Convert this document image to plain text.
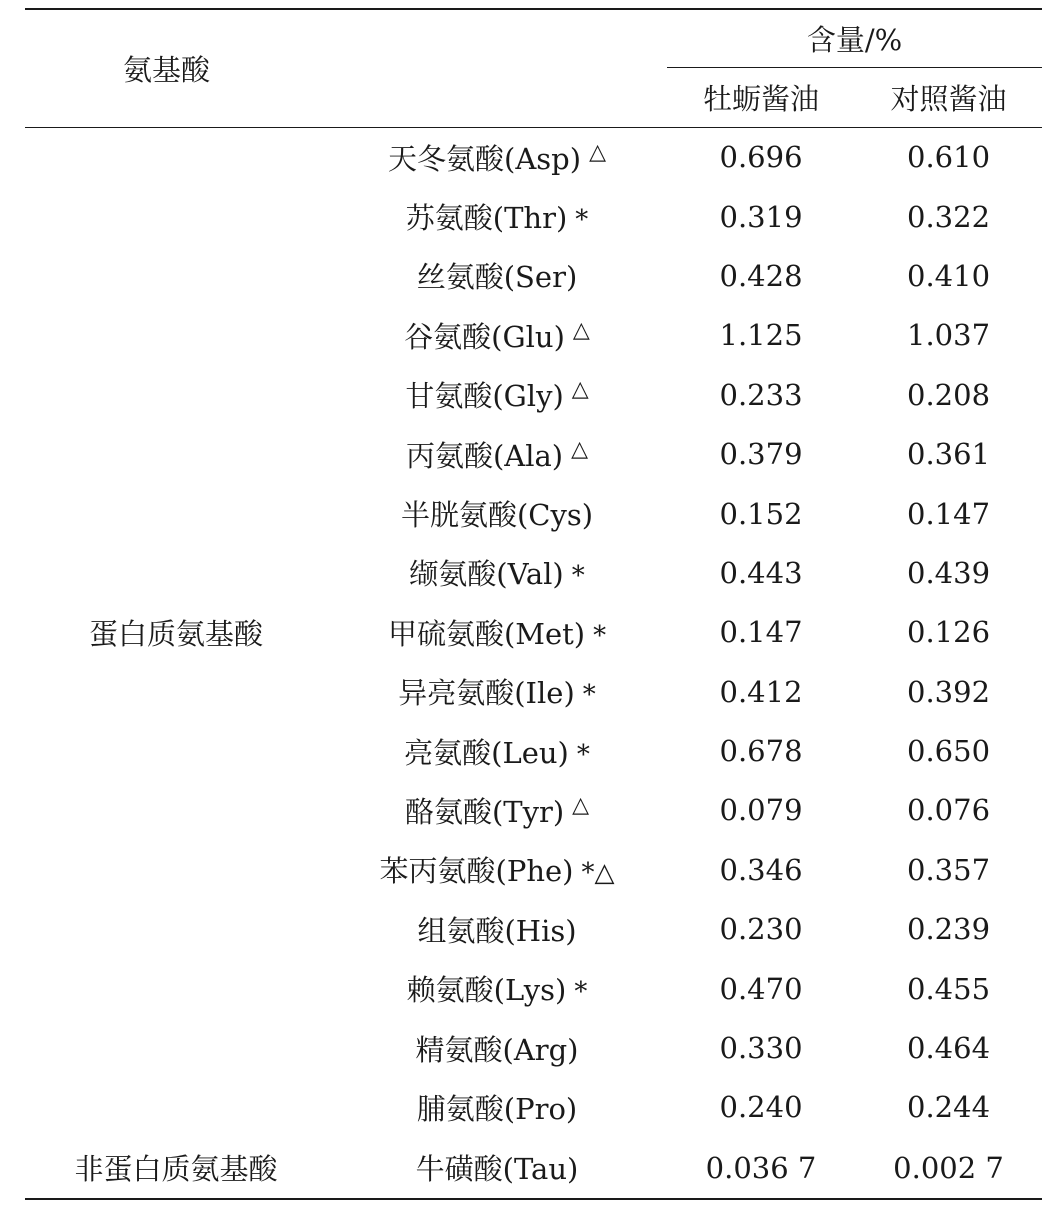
氨基酸		含量/%	
		牡蛎酱油	对照酱油
蛋白质氨基酸	天冬氨酸(Asp) △	0.696	0.610
	苏氨酸(Thr) *	0.319	0.322
	丝氨酸(Ser)	0.428	0.410
	谷氨酸(Glu) △	1.125	1.037
	甘氨酸(Gly) △	0.233	0.208
	丙氨酸(Ala) △	0.379	0.361
	半胱氨酸(Cys)	0.152	0.147
	缬氨酸(Val) *	0.443	0.439
	甲硫氨酸(Met) *	0.147	0.126
	异亮氨酸(Ile) *	0.412	0.392
	亮氨酸(Leu) *	0.678	0.650
	酪氨酸(Tyr) △	0.079	0.076
	苯丙氨酸(Phe) *△	0.346	0.357
	组氨酸(His)	0.230	0.239
	赖氨酸(Lys) *	0.470	0.455
	精氨酸(Arg)	0.330	0.464
	脯氨酸(Pro)	0.240	0.244
非蛋白质氨基酸	牛磺酸(Tau)	0.036 7	0.002 7
